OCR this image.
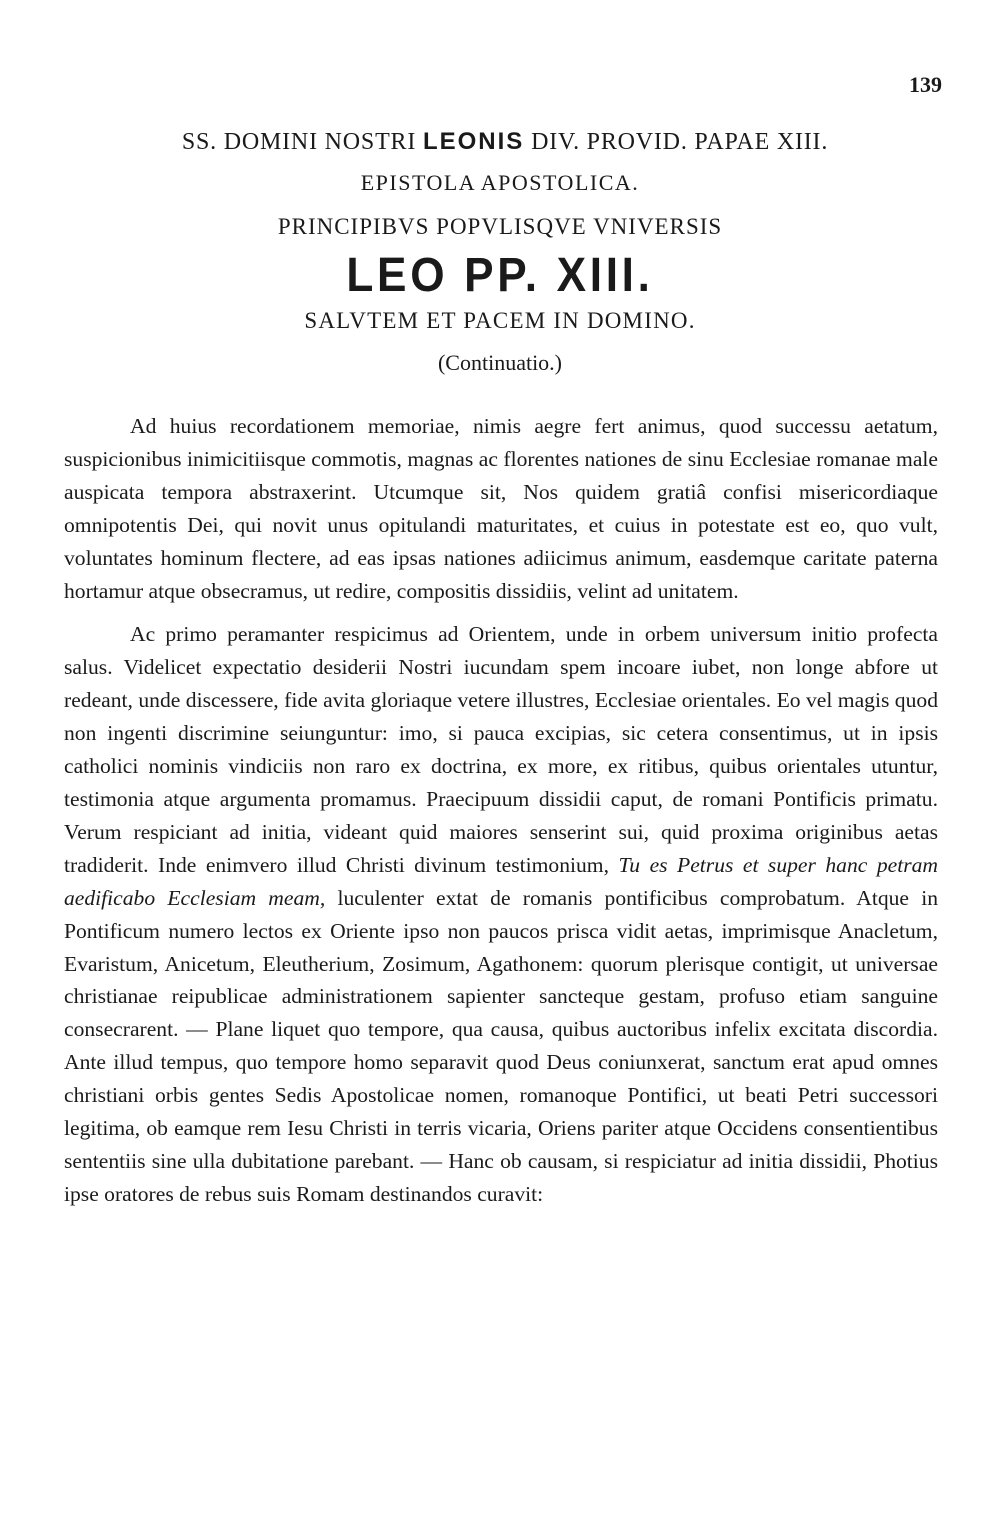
139
SS. DOMINI NOSTRI LEONIS DIV. PROVID. PAPAE XIII.
EPISTOLA APOSTOLICA.
PRINCIPIBVS POPVLISQVE VNIVERSIS
LEO PP. XIII.
SALVTEM ET PACEM IN DOMINO.
(Continuatio.)

Ad huius recordationem memoriae, nimis aegre fert animus, quod successu aetatum, suspicionibus inimicitiisque commotis, magnas ac florentes nationes de sinu Ecclesiae romanae male auspicata tempora abstraxerint. Utcumque sit, Nos quidem gratiâ confisi misericordiaque omnipotentis Dei, qui novit unus opitulandi maturitates, et cuius in potestate est eo, quo vult, voluntates hominum flectere, ad eas ipsas nationes adiicimus animum, easdemque caritate paterna hortamur atque obsecramus, ut redire, compositis dissidiis, velint ad unitatem.

Ac primo peramanter respicimus ad Orientem, unde in orbem universum initio profecta salus. Videlicet expectatio desiderii Nostri iucundam spem incoare iubet, non longe abfore ut redeant, unde discessere, fide avita gloriaque vetere illustres, Ecclesiae orientales. Eo vel magis quod non ingenti discrimine seiunguntur: imo, si pauca excipias, sic cetera consentimus, ut in ipsis catholici nominis vindiciis non raro ex doctrina, ex more, ex ritibus, quibus orientales utuntur, testimonia atque argumenta promamus. Praecipuum dissidii caput, de romani Pontificis primatu. Verum respiciant ad initia, videant quid maiores senserint sui, quid proxima originibus aetas tradiderit. Inde enimvero illud Christi divinum testimonium, Tu es Petrus et super hanc petram aedificabo Ecclesiam meam, luculenter extat de romanis pontificibus comprobatum. Atque in Pontificum numero lectos ex Oriente ipso non paucos prisca vidit aetas, imprimisque Anacletum, Evaristum, Anicetum, Eleutherium, Zosimum, Agathonem: quorum plerisque contigit, ut universae christianae reipublicae administrationem sapienter sancteque gestam, profuso etiam sanguine consecrarent. — Plane liquet quo tempore, qua causa, quibus auctoribus infelix excitata discordia. Ante illud tempus, quo tempore homo separavit quod Deus coniunxerat, sanctum erat apud omnes christiani orbis gentes Sedis Apostolicae nomen, romanoque Pontifici, ut beati Petri successori legitima, ob eamque rem Iesu Christi in terris vicaria, Oriens pariter atque Occidens consentientibus sententiis sine ulla dubitatione parebant. — Hanc ob causam, si respiciatur ad initia dissidii, Photius ipse oratores de rebus suis Romam destinandos curavit:
